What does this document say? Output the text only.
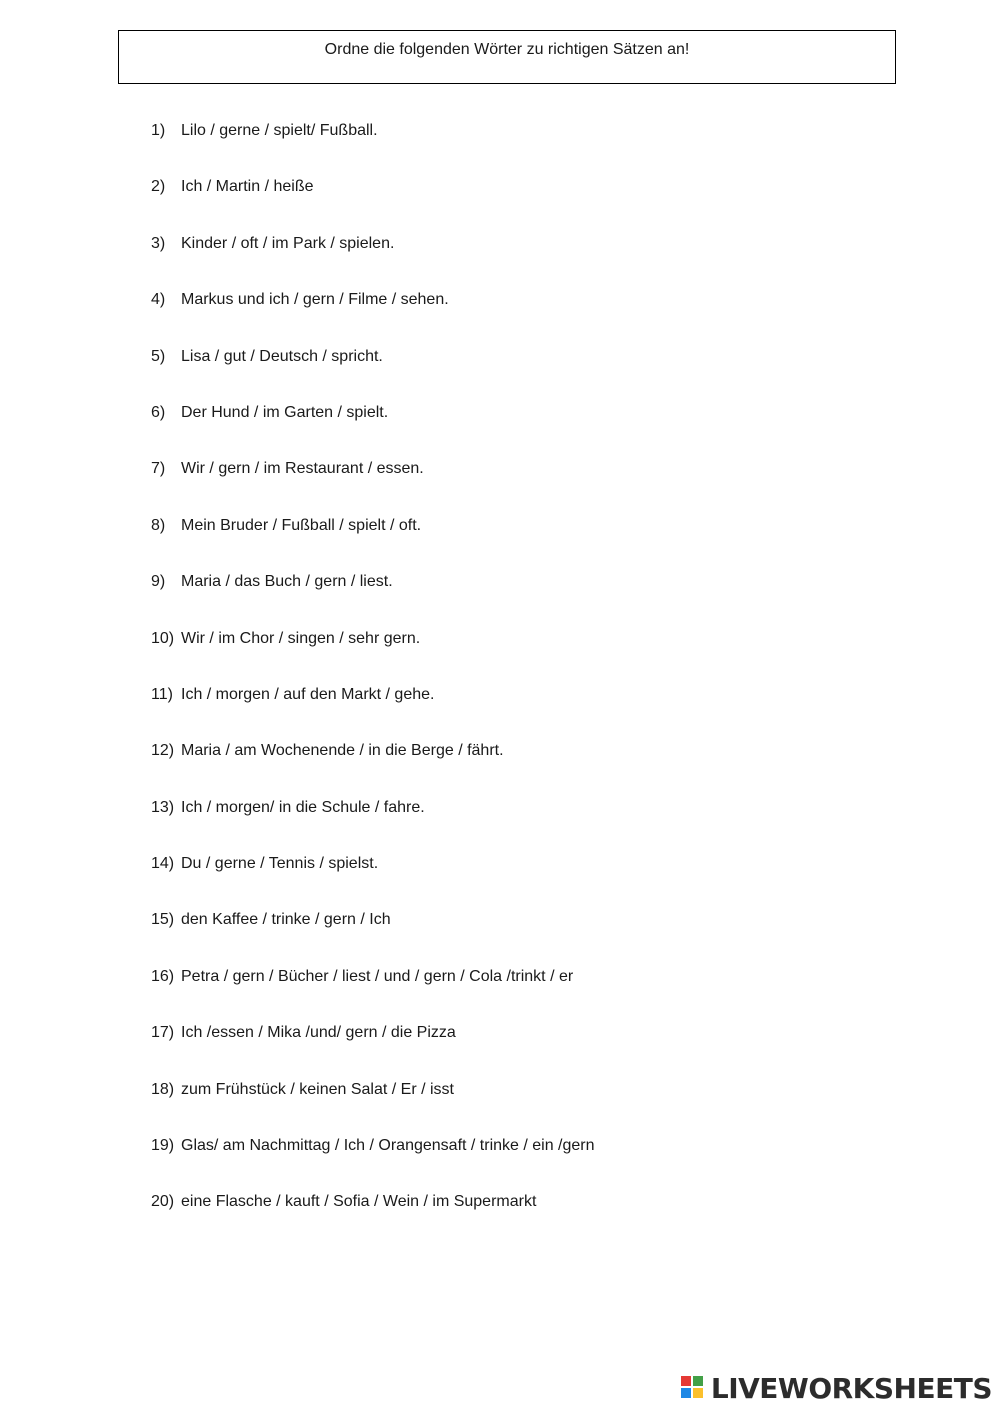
Ordne die folgenden Wörter zu richtigen Sätzen an!
1) Lilo / gerne / spielt/ Fußball.
2) Ich / Martin / heiße
3) Kinder / oft / im Park / spielen.
4) Markus und ich / gern / Filme / sehen.
5) Lisa / gut / Deutsch / spricht.
6) Der Hund / im Garten / spielt.
7) Wir / gern / im Restaurant / essen.
8) Mein Bruder / Fußball / spielt / oft.
9) Maria / das Buch / gern / liest.
10) Wir / im Chor / singen / sehr gern.
11) Ich / morgen / auf den Markt / gehe.
12) Maria / am Wochenende / in die Berge / fährt.
13) Ich / morgen/ in die Schule / fahre.
14) Du / gerne / Tennis / spielst.
15) den Kaffee / trinke / gern / Ich
16) Petra / gern / Bücher / liest / und / gern / Cola /trinkt / er
17) Ich /essen / Mika /und/ gern / die Pizza
18) zum Frühstück / keinen Salat / Er / isst
19) Glas/ am Nachmittag / Ich / Orangensaft / trinke / ein /gern
20) eine Flasche / kauft / Sofia / Wein / im Supermarkt
LIVEWORKSHEETS
